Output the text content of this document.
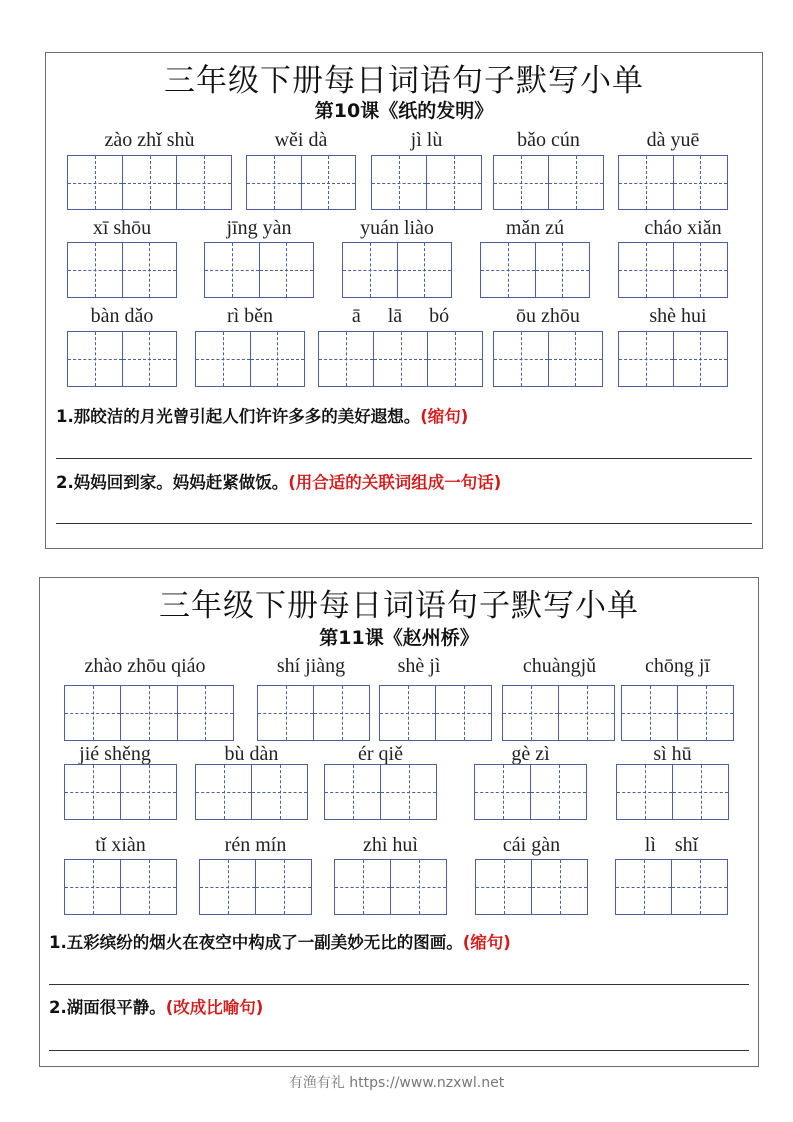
三年级下册每日词语句子默写小单
第10课《纸的发明》
zào zhǐ shù	wěi dà	jì lù	bǎo cún	dà yuē
xī shōu	jīng yàn	yuán liào	mǎn zú	cháo xiǎn
bàn dǎo	rì běn	ā lā bó	ōu zhōu	shè hui
1.那皎洁的月光曾引起人们许许多多的美好遐想。(缩句)
2.妈妈回到家。妈妈赶紧做饭。(用合适的关联词组成一句话)
三年级下册每日词语句子默写小单
第11课《赵州桥》
zhào zhōu qiáo	shí jiàng	shè jì	chuàngjǔ	chōng jī
jié shěng	bù dàn	ér qiě	gè zì	sì hū
tǐ xiàn	rén mín	zhì huì	cái gàn	lì shǐ
1.五彩缤纷的烟火在夜空中构成了一副美妙无比的图画。(缩句)
2.湖面很平静。(改成比喻句)
有渔有礼 https://www.nzxwl.net
